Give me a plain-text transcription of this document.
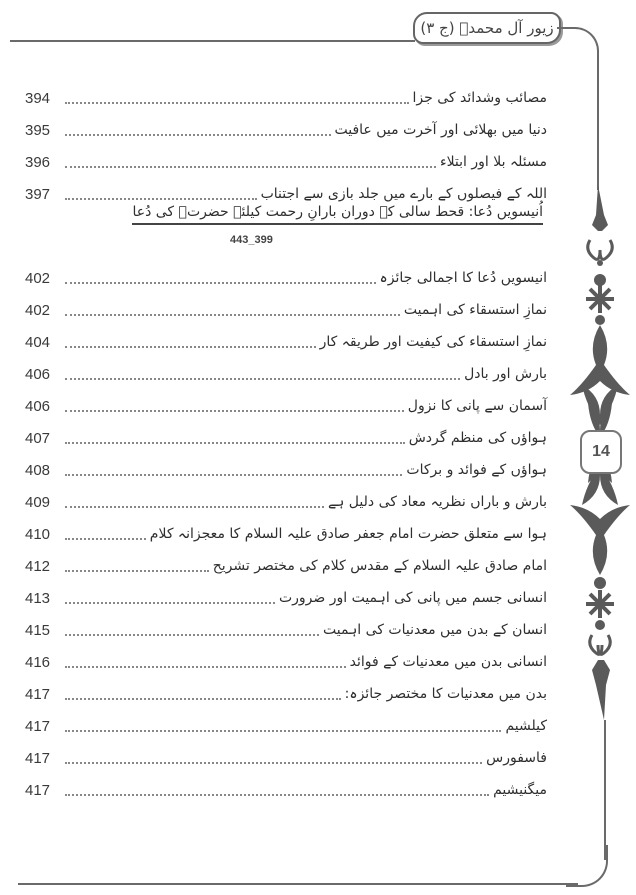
زیور آل محمدؑ (ج ۳)
14
394	مصائب وشدائد کی جزا
395	دنیا میں بھلائی اور آخرت میں عافیت
396	مسئلہ بلا اور ابتلاء
397	اللہ کے فیصلوں کے بارے میں جلد بازی سے اجتناب
اُنیسویں دُعا: قحط سالی کے دوران بارانِ رحمت کیلئے حضرتؑ کی دُعا
443_399
402	انیسویں دُعا کا اجمالی جائزہ
402	نمازِ استسقاء کی اہمیت
404	نمازِ استسقاء کی کیفیت اور طریقہ کار
406	بارش اور بادل
406	آسمان سے پانی کا نزول
407	ہواؤں کی منظم گردش
408	ہواؤں کے فوائد و برکات
409	بارش و باراں نظریہ معاد کی دلیل ہے
410	ہوا سے متعلق حضرت امام جعفر صادق علیہ السلام کا معجزانہ کلام
412	امام صادق علیہ السلام کے مقدس کلام کی مختصر تشریح
413	انسانی جسم میں پانی کی اہمیت اور ضرورت
415	انسان کے بدن میں معدنیات کی اہمیت
416	انسانی بدن میں معدنیات کے فوائد
417	بدن میں معدنیات کا مختصر جائزہ:
417	کیلشیم
417	فاسفورس
417	میگنیشیم
